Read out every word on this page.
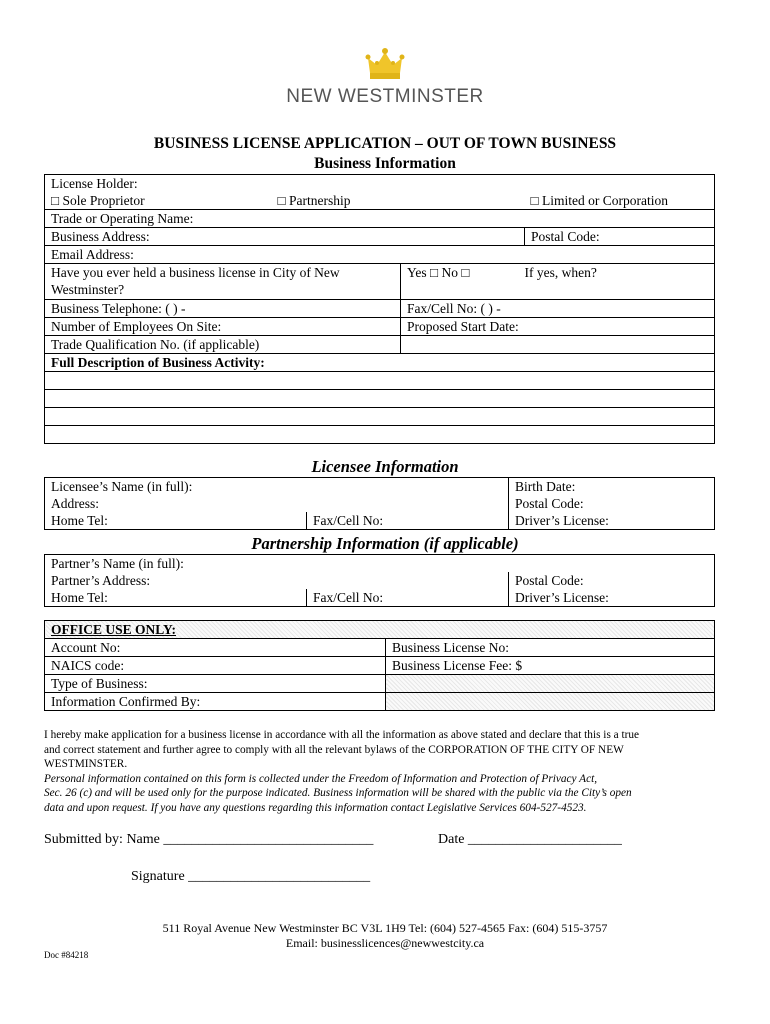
NEW WESTMINSTER
BUSINESS LICENSE APPLICATION – OUT OF TOWN BUSINESS
Business Information
License Holder:			
□ Sole Proprietor	□ Partnership		□ Limited or Corporation
Trade or Operating Name:			
Business Address:			Postal Code:
Email Address:			
Have you ever held a business license in City of New
Westminster?		Yes □ No □	If yes, when?
Business Telephone: ( ) -		Fax/Cell No: ( ) -	
Number of Employees On Site:		Proposed Start Date:	
Trade Qualification No. (if applicable)			
Full Description of Business Activity:			

Licensee Information
Licensee’s Name (in full):		Birth Date:
Address:		Postal Code:
Home Tel:	Fax/Cell No:	Driver’s License:
Partnership Information (if applicable)
Partner’s Name (in full):		
Partner’s Address:		Postal Code:
Home Tel:	Fax/Cell No:	Driver’s License:
OFFICE USE ONLY:	
Account No:	Business License No:
NAICS code:	Business License Fee: $
Type of Business:	
Information Confirmed By:	
I hereby make application for a business license in accordance with all the information as above stated and declare that this is a true
and correct statement and further agree to comply with all the relevant bylaws of the CORPORATION OF THE CITY OF NEW
WESTMINSTER.
Personal information contained on this form is collected under the Freedom of Information and Protection of Privacy Act,
Sec. 26 (c) and will be used only for the purpose indicated. Business information will be shared with the public via the City’s open
data and upon request. If you have any questions regarding this information contact Legislative Services 604-527-4523.
Submitted by: Name ______________________________	Date ______________________
Signature __________________________
511 Royal Avenue New Westminster BC V3L 1H9 Tel: (604) 527-4565 Fax: (604) 515-3757
Email: businesslicences@newwestcity.ca
Doc #84218
